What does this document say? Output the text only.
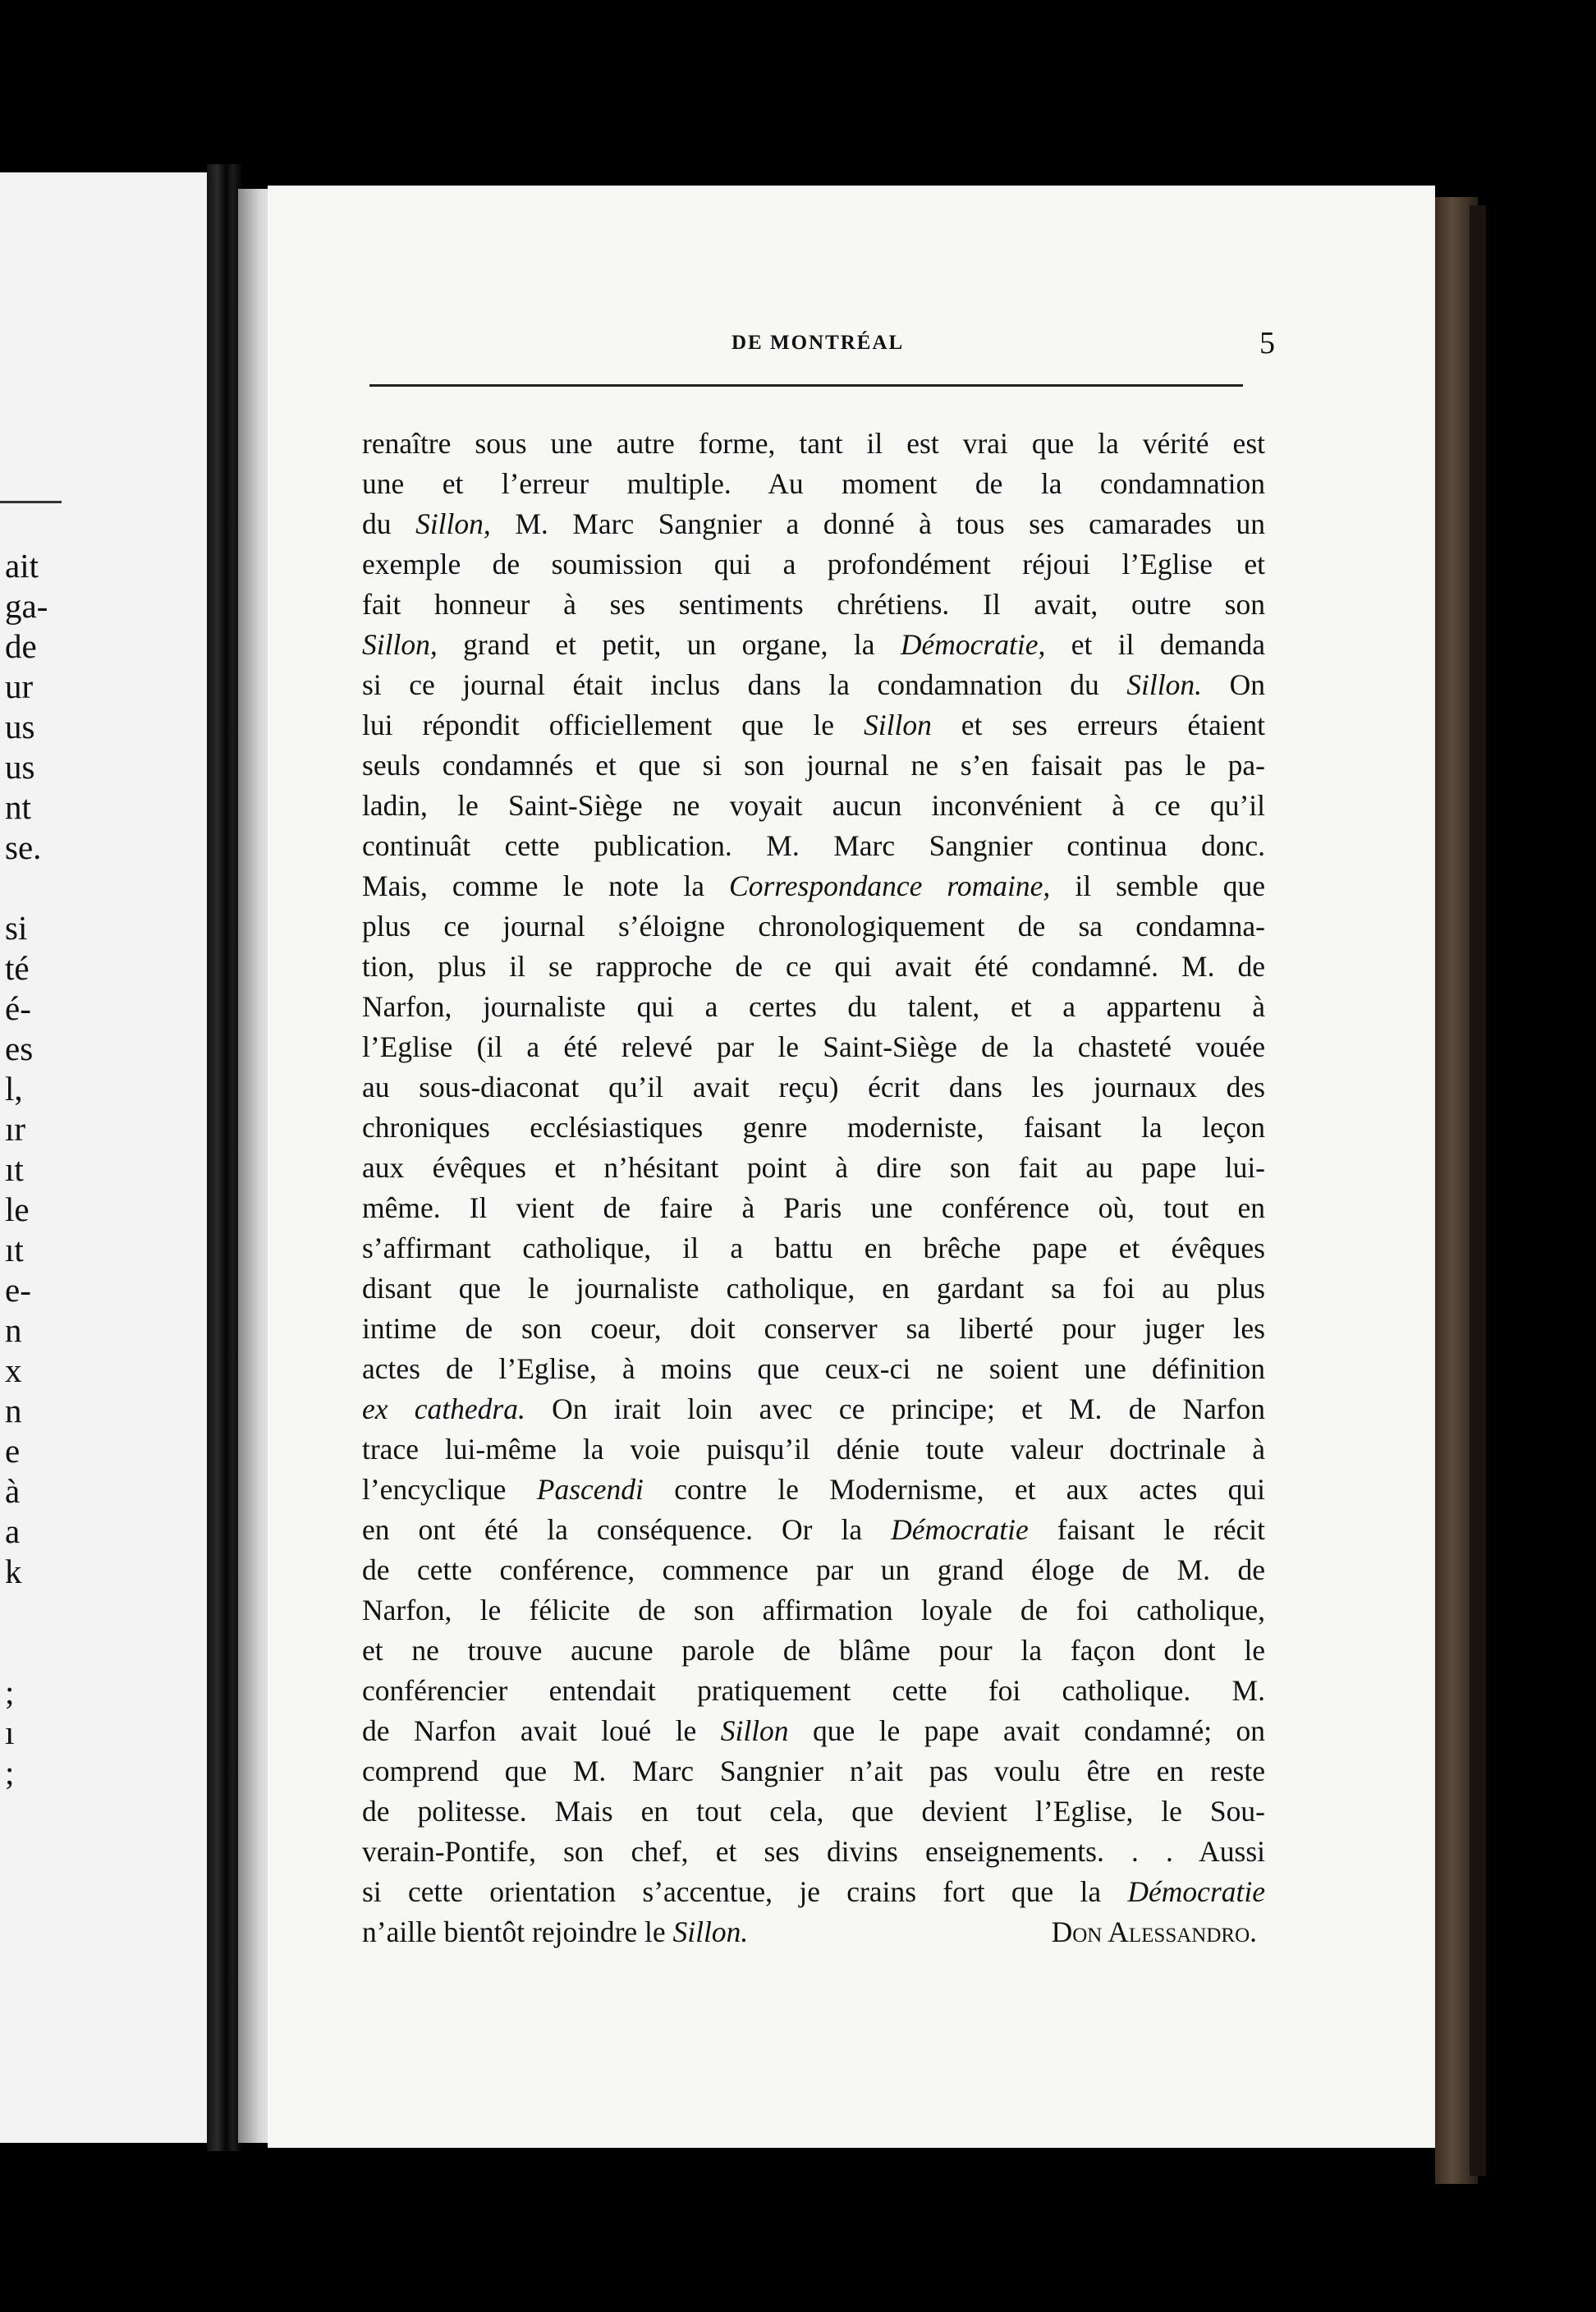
ait
ga-
de
ur
us
us
nt
se.
si
té
é-
es
l,
ır
ıt
le
ıt
e-
n
x
n
e
à
a
k
;
ı
;
DE MONTRÉAL	5
renaître sous une autre forme, tant il est vrai que la vérité est
une et l’erreur multiple. Au moment de la condamnation
du Sillon, M. Marc Sangnier a donné à tous ses camarades un
exemple de soumission qui a profondément réjoui l’Eglise et
fait honneur à ses sentiments chrétiens. Il avait, outre son
Sillon, grand et petit, un organe, la Démocratie, et il demanda
si ce journal était inclus dans la condamnation du Sillon. On
lui répondit officiellement que le Sillon et ses erreurs étaient
seuls condamnés et que si son journal ne s’en faisait pas le pa-
ladin, le Saint-Siège ne voyait aucun inconvénient à ce qu’il
continuât cette publication. M. Marc Sangnier continua donc.
Mais, comme le note la Correspondance romaine, il semble que
plus ce journal s’éloigne chronologiquement de sa condamna-
tion, plus il se rapproche de ce qui avait été condamné. M. de
Narfon, journaliste qui a certes du talent, et a appartenu à
l’Eglise (il a été relevé par le Saint-Siège de la chasteté vouée
au sous-diaconat qu’il avait reçu) écrit dans les journaux des
chroniques ecclésiastiques genre moderniste, faisant la leçon
aux évêques et n’hésitant point à dire son fait au pape lui-
même. Il vient de faire à Paris une conférence où, tout en
s’affirmant catholique, il a battu en brêche pape et évêques
disant que le journaliste catholique, en gardant sa foi au plus
intime de son coeur, doit conserver sa liberté pour juger les
actes de l’Eglise, à moins que ceux-ci ne soient une définition
ex cathedra. On irait loin avec ce principe; et M. de Narfon
trace lui-même la voie puisqu’il dénie toute valeur doctrinale à
l’encyclique Pascendi contre le Modernisme, et aux actes qui
en ont été la conséquence. Or la Démocratie faisant le récit
de cette conférence, commence par un grand éloge de M. de
Narfon, le félicite de son affirmation loyale de foi catholique,
et ne trouve aucune parole de blâme pour la façon dont le
conférencier entendait pratiquement cette foi catholique. M.
de Narfon avait loué le Sillon que le pape avait condamné; on
comprend que M. Marc Sangnier n’ait pas voulu être en reste
de politesse. Mais en tout cela, que devient l’Eglise, le Sou-
verain-Pontife, son chef, et ses divins enseignements. . . Aussi
si cette orientation s’accentue, je crains fort que la Démocratie
n’aille bientôt rejoindre le Sillon.	Don Alessandro.
